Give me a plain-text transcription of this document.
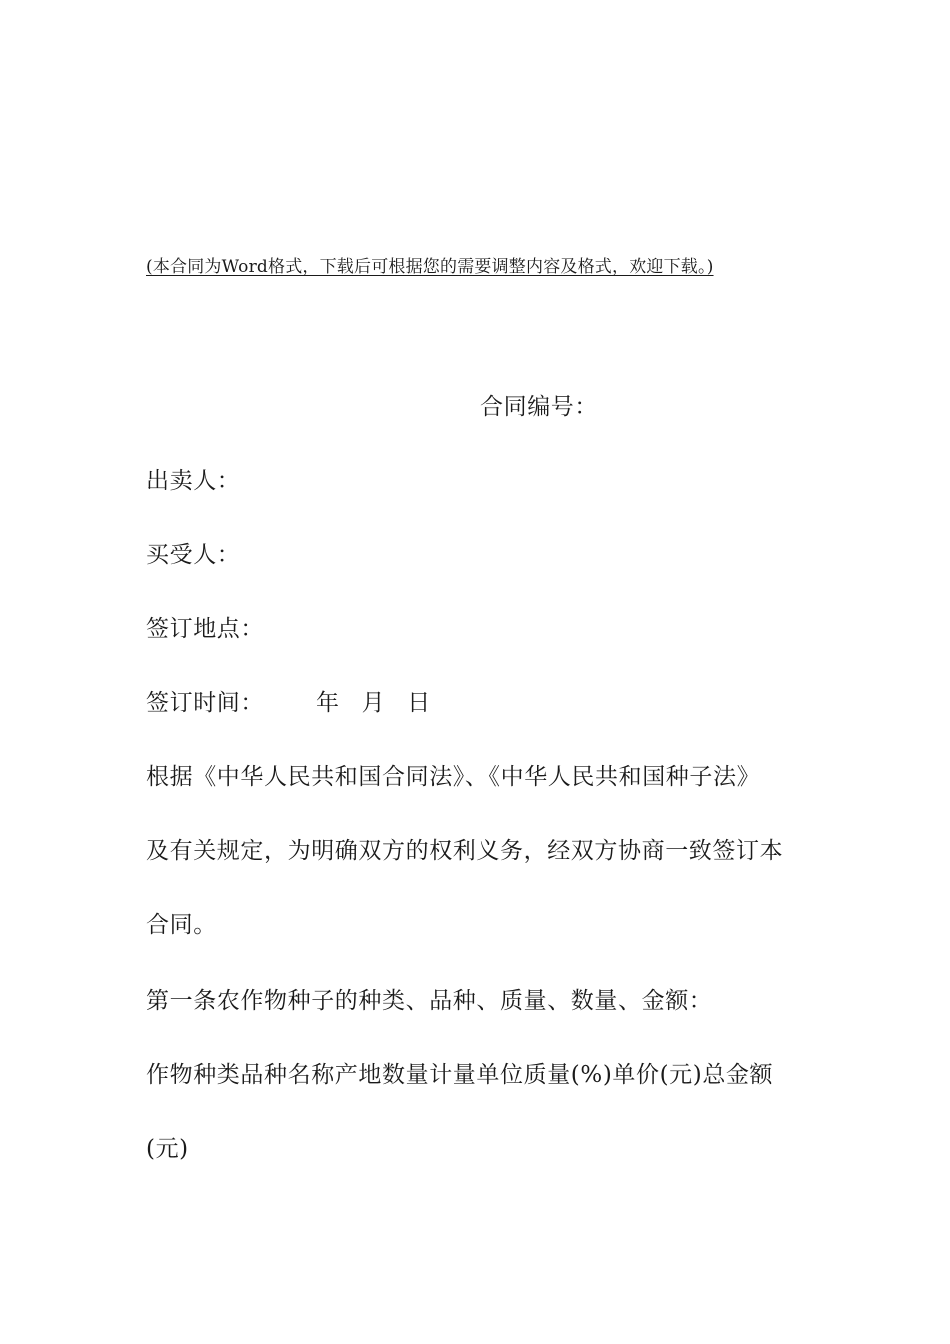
(本合同为Word格式，下载后可根据您的需要调整内容及格式，欢迎下载。)
合同编号：
出卖人：
买受人：
签订地点：
签订时间： 年 月 日
根据《中华人民共和国合同法》、《中华人民共和国种子法》
及有关规定，为明确双方的权利义务，经双方协商一致签订本
合同。
第一条农作物种子的种类、品种、质量、数量、金额：
作物种类品种名称产地数量计量单位质量(%)单价(元)总金额
(元)
